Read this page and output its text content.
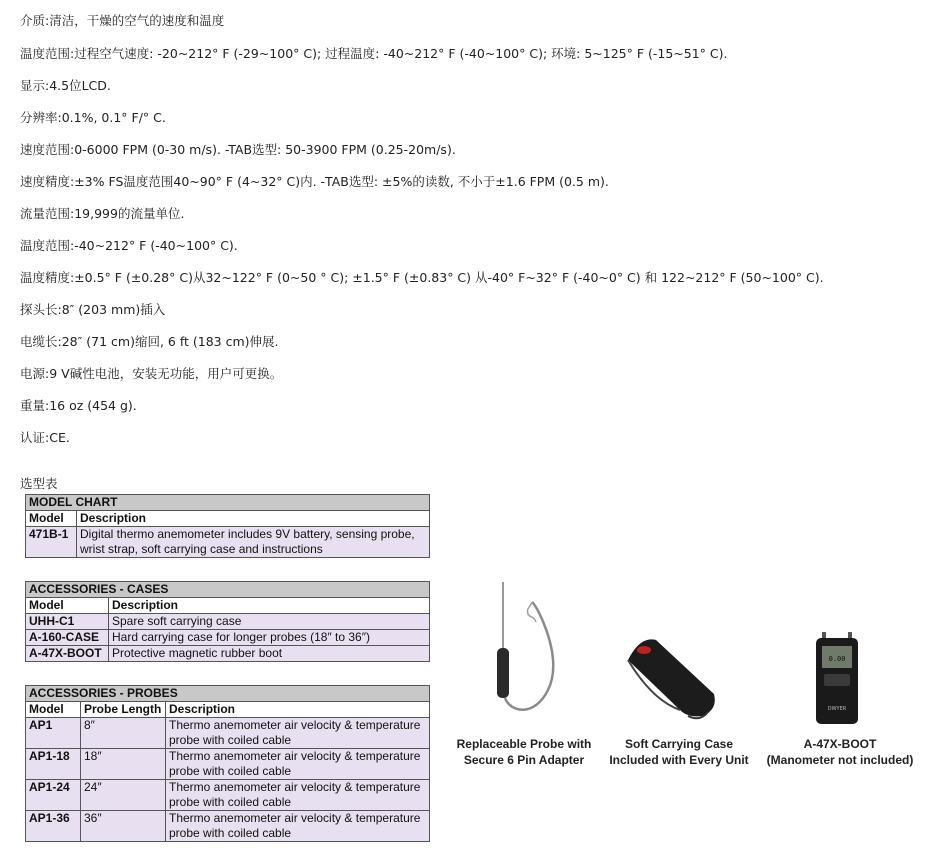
介质:清洁，干燥的空气的速度和温度
温度范围:过程空气速度: -20~212° F (-29~100° C); 过程温度: -40~212° F (-40~100° C); 环境: 5~125° F (-15~51° C).
显示:4.5位LCD.
分辨率:0.1%, 0.1° F/° C.
速度范围:0-6000 FPM (0-30 m/s). -TAB选型: 50-3900 FPM (0.25-20m/s).
速度精度:±3% FS温度范围40~90° F (4~32° C)内. -TAB选型: ±5%的读数, 不小于±1.6 FPM (0.5 m).
流量范围:19,999的流量单位.
温度范围:-40~212° F (-40~100° C).
温度精度:±0.5° F (±0.28° C)从32~122° F (0~50 ° C); ±1.5° F (±0.83° C) 从-40° F~32° F (-40~0° C) 和 122~212° F (50~100° C).
探头长:8″ (203 mm)插入
电缆长:28″ (71 cm)缩回, 6 ft (183 cm)伸展.
电源:9 V碱性电池，安装无功能，用户可更换。
重量:16 oz (454 g).
认证:CE.
选型表
MODEL CHART	
Model	Description
471B-1	Digital thermo anemometer includes 9V battery, sensing probe, wrist strap, soft carrying case and instructions
ACCESSORIES - CASES	
Model	Description
UHH-C1	Spare soft carrying case
A-160-CASE	Hard carrying case for longer probes (18″ to 36″)
A-47X-BOOT	Protective magnetic rubber boot
ACCESSORIES - PROBES		
Model	Probe Length	Description
AP1	8″	Thermo anemometer air velocity & temperature probe with coiled cable
AP1-18	18″	Thermo anemometer air velocity & temperature probe with coiled cable
AP1-24	24″	Thermo anemometer air velocity & temperature probe with coiled cable
AP1-36	36″	Thermo anemometer air velocity & temperature probe with coiled cable
0.00
DWYER
Replaceable Probe with
Secure 6 Pin Adapter
Soft Carrying Case
Included with Every Unit
A-47X-BOOT
(Manometer not included)
